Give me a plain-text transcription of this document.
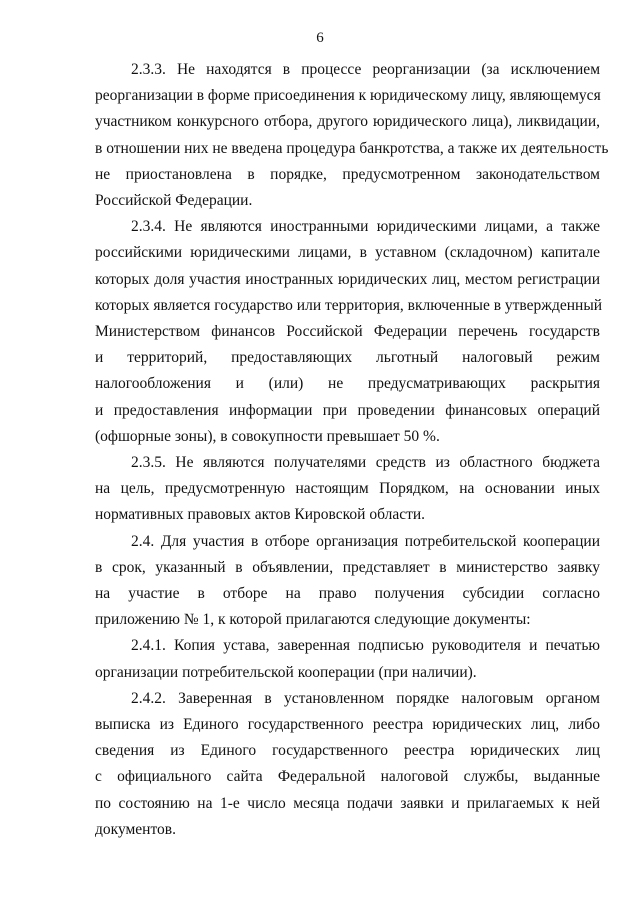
6
2.3.3. Не находятся в процессе реорганизации (за исключением
реорганизации в форме присоединения к юридическому лицу, являющемуся
участником конкурсного отбора, другого юридического лица), ликвидации,
в отношении них не введена процедура банкротства, а также их деятельность
не приостановлена в порядке, предусмотренном законодательством
Российской Федерации.
2.3.4. Не являются иностранными юридическими лицами, а также
российскими юридическими лицами, в уставном (складочном) капитале
которых доля участия иностранных юридических лиц, местом регистрации
которых является государство или территория, включенные в утвержденный
Министерством финансов Российской Федерации перечень государств
и территорий, предоставляющих льготный налоговый режим
налогообложения и (или) не предусматривающих раскрытия
и предоставления информации при проведении финансовых операций
(офшорные зоны), в совокупности превышает 50 %.
2.3.5. Не являются получателями средств из областного бюджета
на цель, предусмотренную настоящим Порядком, на основании иных
нормативных правовых актов Кировской области.
2.4. Для участия в отборе организация потребительской кооперации
в срок, указанный в объявлении, представляет в министерство заявку
на участие в отборе на право получения субсидии согласно
приложению № 1, к которой прилагаются следующие документы:
2.4.1. Копия устава, заверенная подписью руководителя и печатью
организации потребительской кооперации (при наличии).
2.4.2. Заверенная в установленном порядке налоговым органом
выписка из Единого государственного реестра юридических лиц, либо
сведения из Единого государственного реестра юридических лиц
с официального сайта Федеральной налоговой службы, выданные
по состоянию на 1-е число месяца подачи заявки и прилагаемых к ней
документов.
